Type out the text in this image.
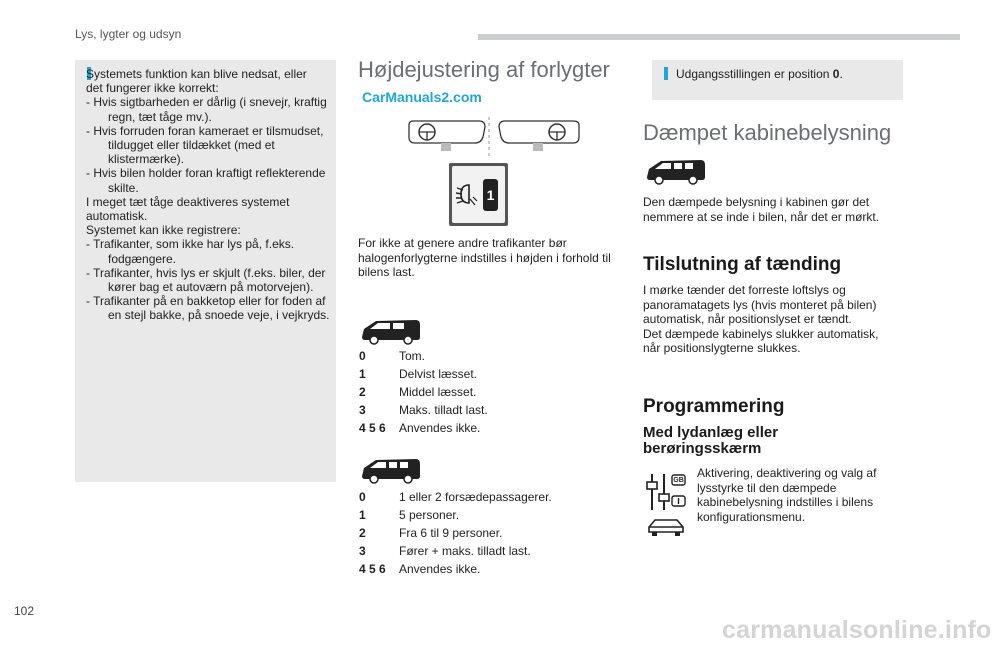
Lys, lygter og udsyn
Systemets funktion kan blive nedsat, eller
det fungerer ikke korrekt:
- Hvis sigtbarheden er dårlig (i snevejr, kraftig regn, tæt tåge mv.).
- Hvis forruden foran kameraet er tilsmudset, tildugget eller tildækket (med et klistermærke).
- Hvis bilen holder foran kraftigt reflekterende skilte.
I meget tæt tåge deaktiveres systemet
automatisk.
Systemet kan ikke registrere:
- Trafikanter, som ikke har lys på, f.eks. fodgængere.
- Trafikanter, hvis lys er skjult (f.eks. biler, der kører bag et autoværn på motorvejen).
- Trafikanter på en bakketop eller for foden af en stejl bakke, på snoede veje, i vejkryds.
Højdejustering af forlygter
CarManuals2.com
1
For ikke at genere andre trafikanter bør halogenforlygterne indstilles i højden i forhold til bilens last.
0	Tom.
1	Delvist læsset.
2	Middel læsset.
3	Maks. tilladt last.
4 5 6 Anvendes ikke.
0	1 eller 2 forsædepassagerer.
1	5 personer.
2	Fra 6 til 9 personer.
3	Fører + maks. tilladt last.
4 5 6 Anvendes ikke.
Udgangsstillingen er position 0.
Dæmpet kabinebelysning
Den dæmpede belysning i kabinen gør det nemmere at se inde i bilen, når det er mørkt.
Tilslutning af tænding
I mørke tænder det forreste loftslys og panoramatagets lys (hvis monteret på bilen) automatisk, når positionslyset er tændt.
Det dæmpede kabinelys slukker automatisk, når positionslygterne slukkes.
Programmering
Med lydanlæg eller berøringsskærm
GB
Aktivering, deaktivering og valg af lysstyrke til den dæmpede kabinebelysning indstilles i bilens konfigurationsmenu.
102
carmanualsonline.info
